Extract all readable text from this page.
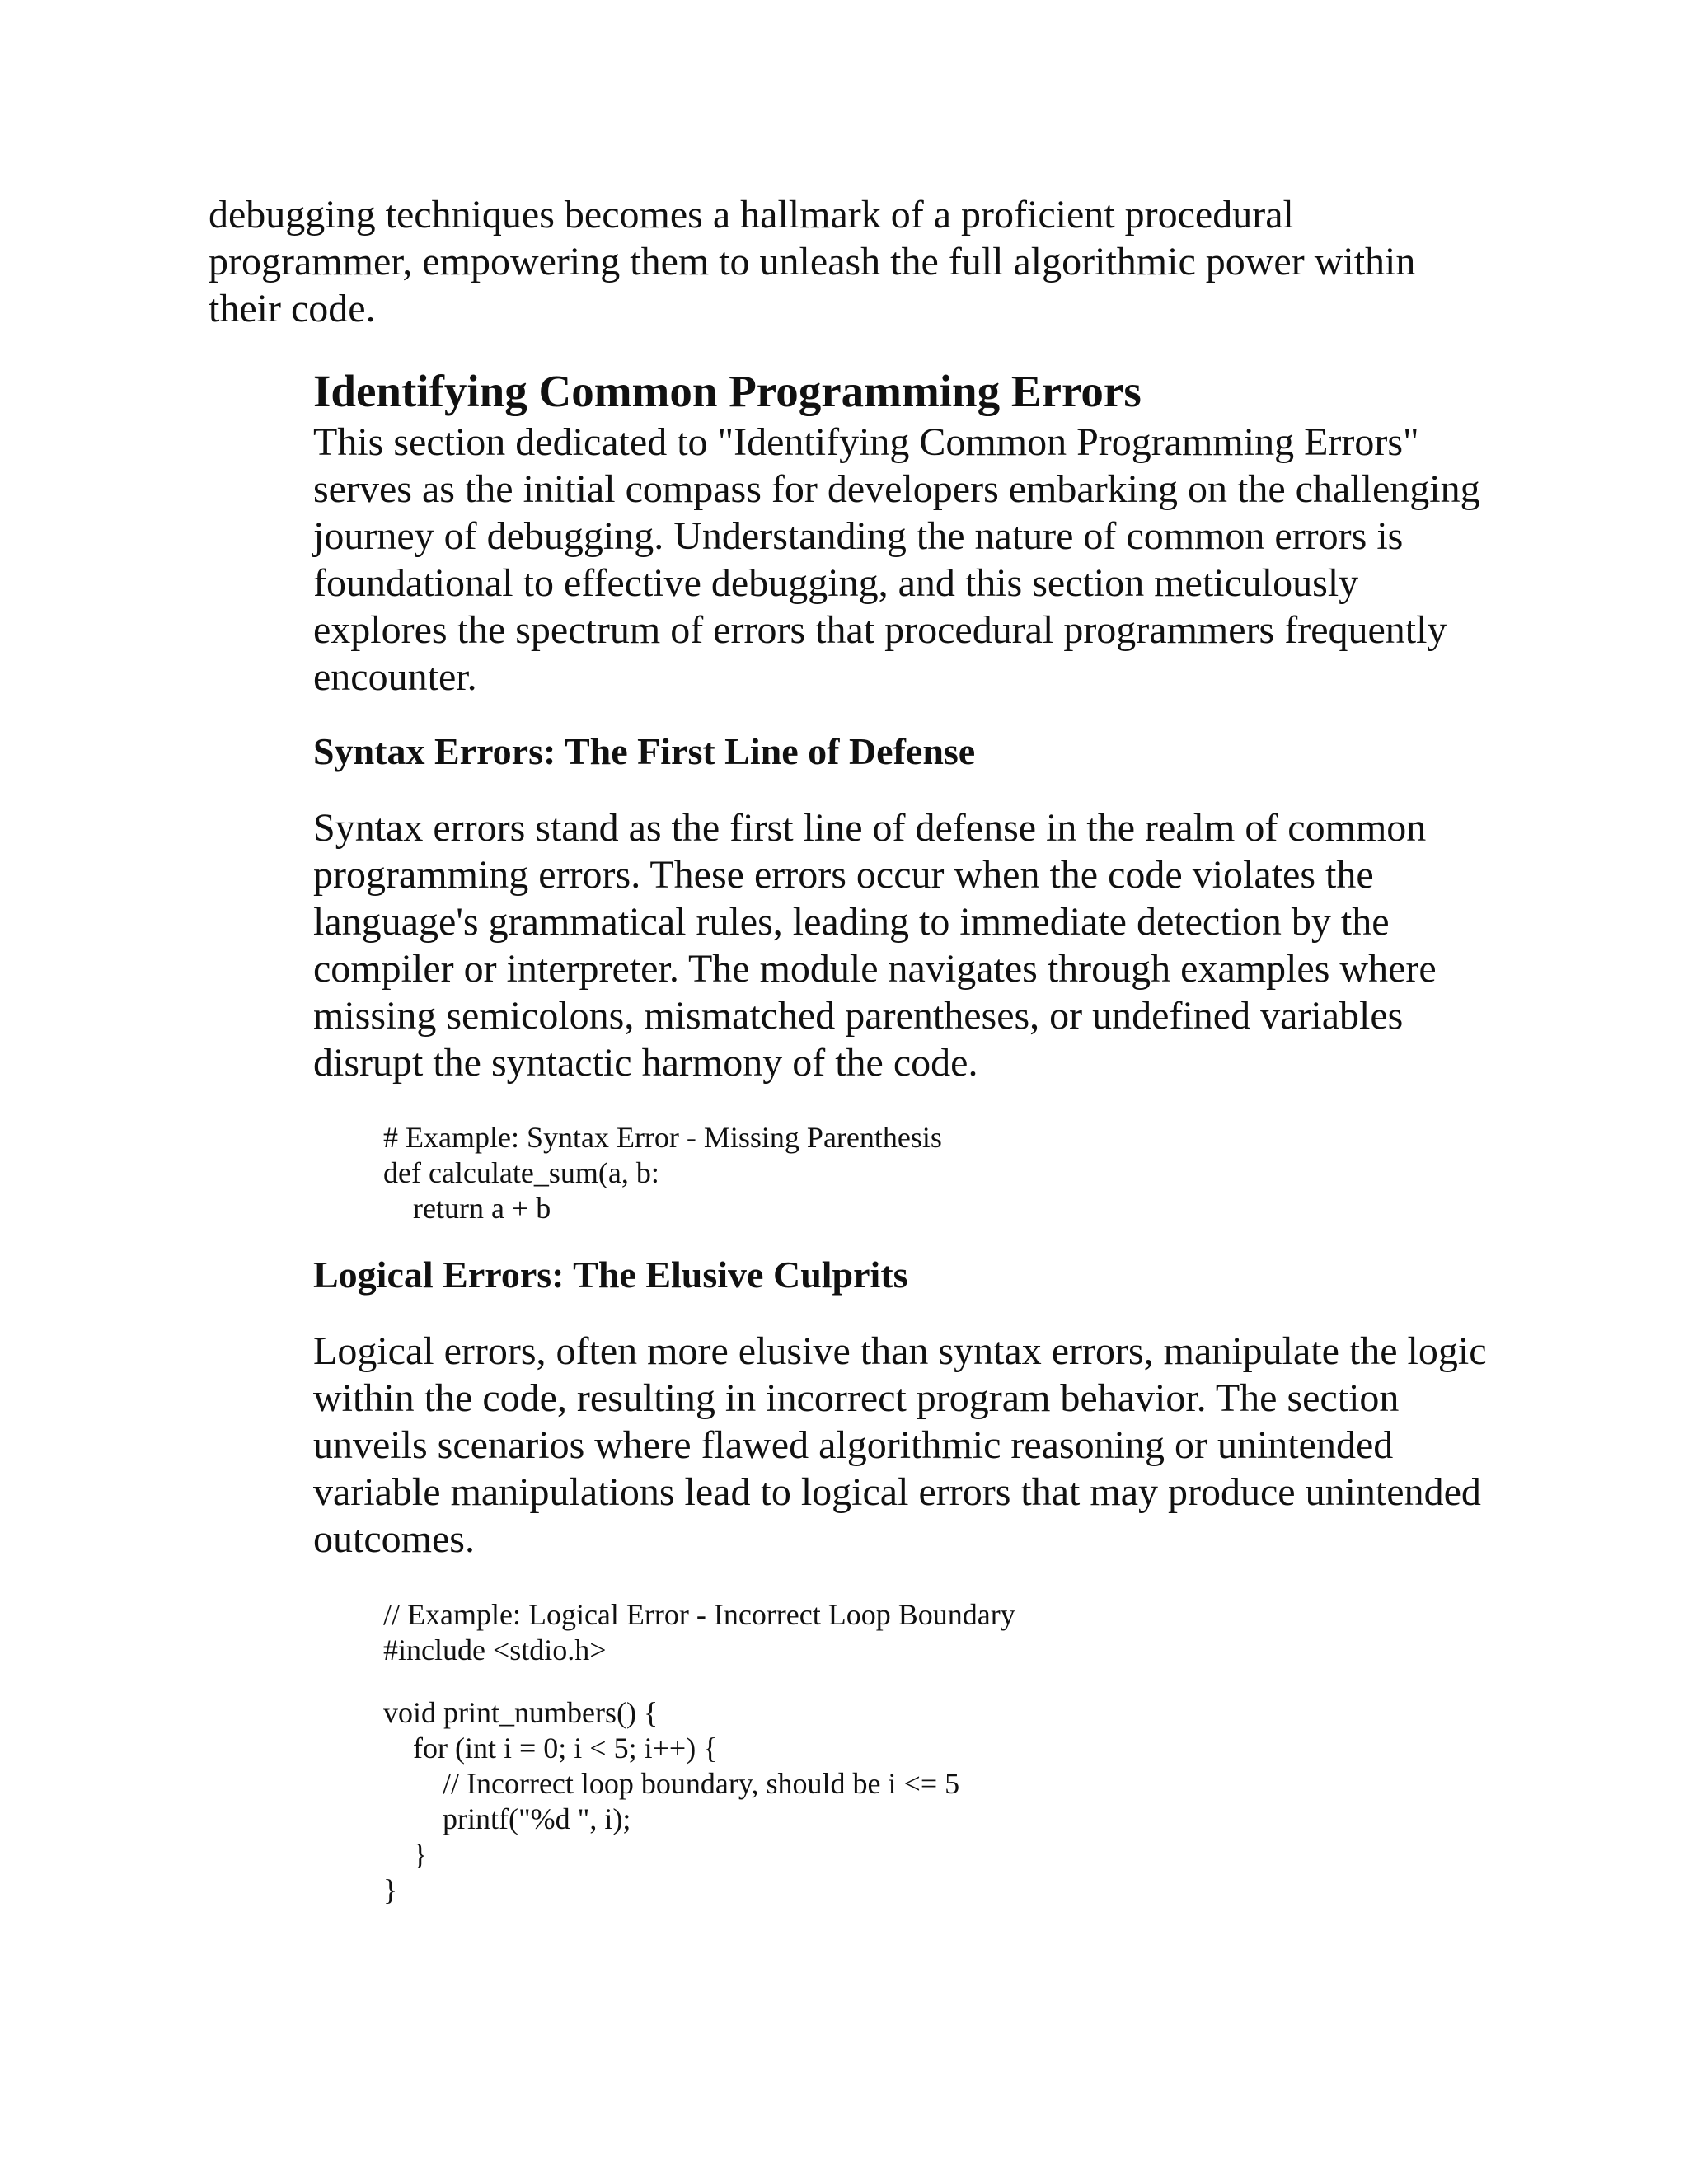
debugging techniques becomes a hallmark of a proficient procedural programmer, empowering them to unleash the full algorithmic power within their code.

Identifying Common Programming Errors

This section dedicated to "Identifying Common Programming Errors" serves as the initial compass for developers embarking on the challenging journey of debugging. Understanding the nature of common errors is foundational to effective debugging, and this section meticulously explores the spectrum of errors that procedural programmers frequently encounter.

Syntax Errors: The First Line of Defense

Syntax errors stand as the first line of defense in the realm of common programming errors. These errors occur when the code violates the language's grammatical rules, leading to immediate detection by the compiler or interpreter. The module navigates through examples where missing semicolons, mismatched parentheses, or undefined variables disrupt the syntactic harmony of the code.

# Example: Syntax Error - Missing Parenthesis
def calculate_sum(a, b:
return a + b
Logical Errors: The Elusive Culprits

Logical errors, often more elusive than syntax errors, manipulate the logic within the code, resulting in incorrect program behavior. The section unveils scenarios where flawed algorithmic reasoning or unintended variable manipulations lead to logical errors that may produce unintended outcomes.

// Example: Logical Error - Incorrect Loop Boundary
#include <stdio.h>
void print_numbers() {
for (int i = 0; i < 5; i++) {
// Incorrect loop boundary, should be i <= 5
printf("%d ", i);
}
}
